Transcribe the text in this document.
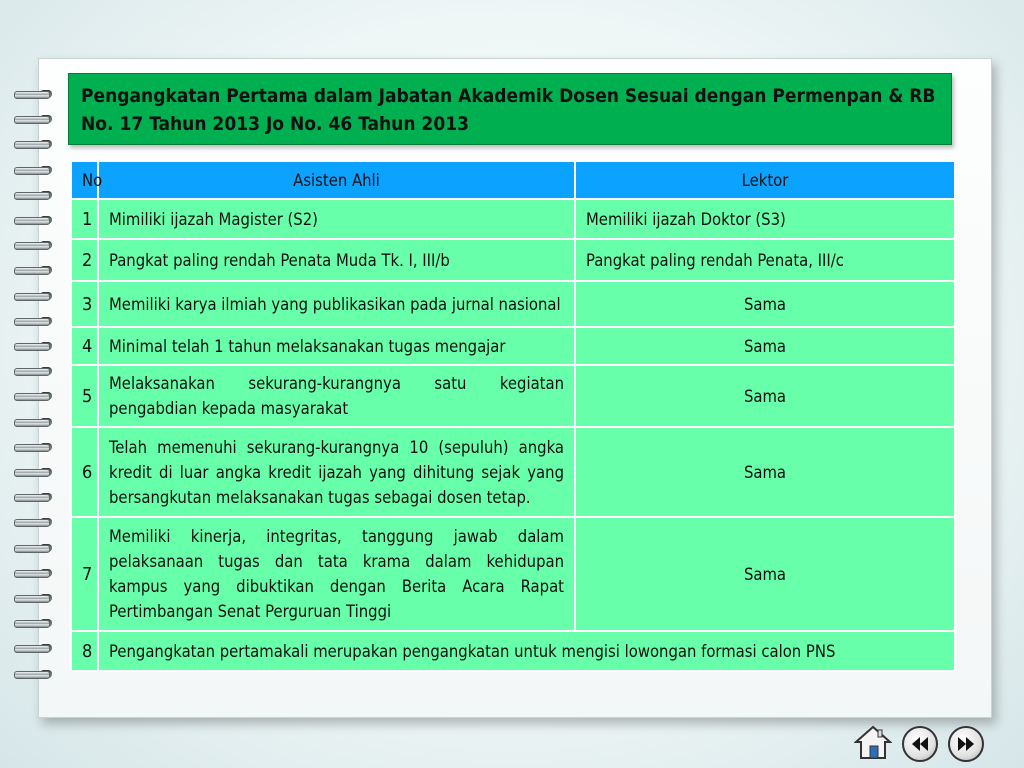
Pengangkatan Pertama dalam Jabatan Akademik Dosen Sesuai dengan Permenpan & RB No. 17 Tahun 2013 Jo No. 46 Tahun 2013
No	Asisten Ahli	Lektor
1	Mimiliki ijazah Magister (S2)	Memiliki ijazah Doktor (S3)
2	Pangkat paling rendah Penata Muda Tk. I, III/b	Pangkat paling rendah Penata, III/c
3	Memiliki karya ilmiah yang publikasikan pada jurnal nasional	Sama
4	Minimal telah 1 tahun melaksanakan tugas mengajar	Sama
5	Melaksanakan sekurang-kurangnya satu kegiatan pengabdian kepada masyarakat	Sama
6	Telah memenuhi sekurang-kurangnya 10 (sepuluh) angka kredit di luar angka kredit ijazah yang dihitung sejak yang bersangkutan melaksanakan tugas sebagai dosen tetap.	Sama
7	Memiliki kinerja, integritas, tanggung jawab dalam pelaksanaan tugas dan tata krama dalam kehidupan kampus yang dibuktikan dengan Berita Acara Rapat Pertimbangan Senat Perguruan Tinggi	Sama
8	Pengangkatan pertamakali merupakan pengangkatan untuk mengisi lowongan formasi calon PNS	
